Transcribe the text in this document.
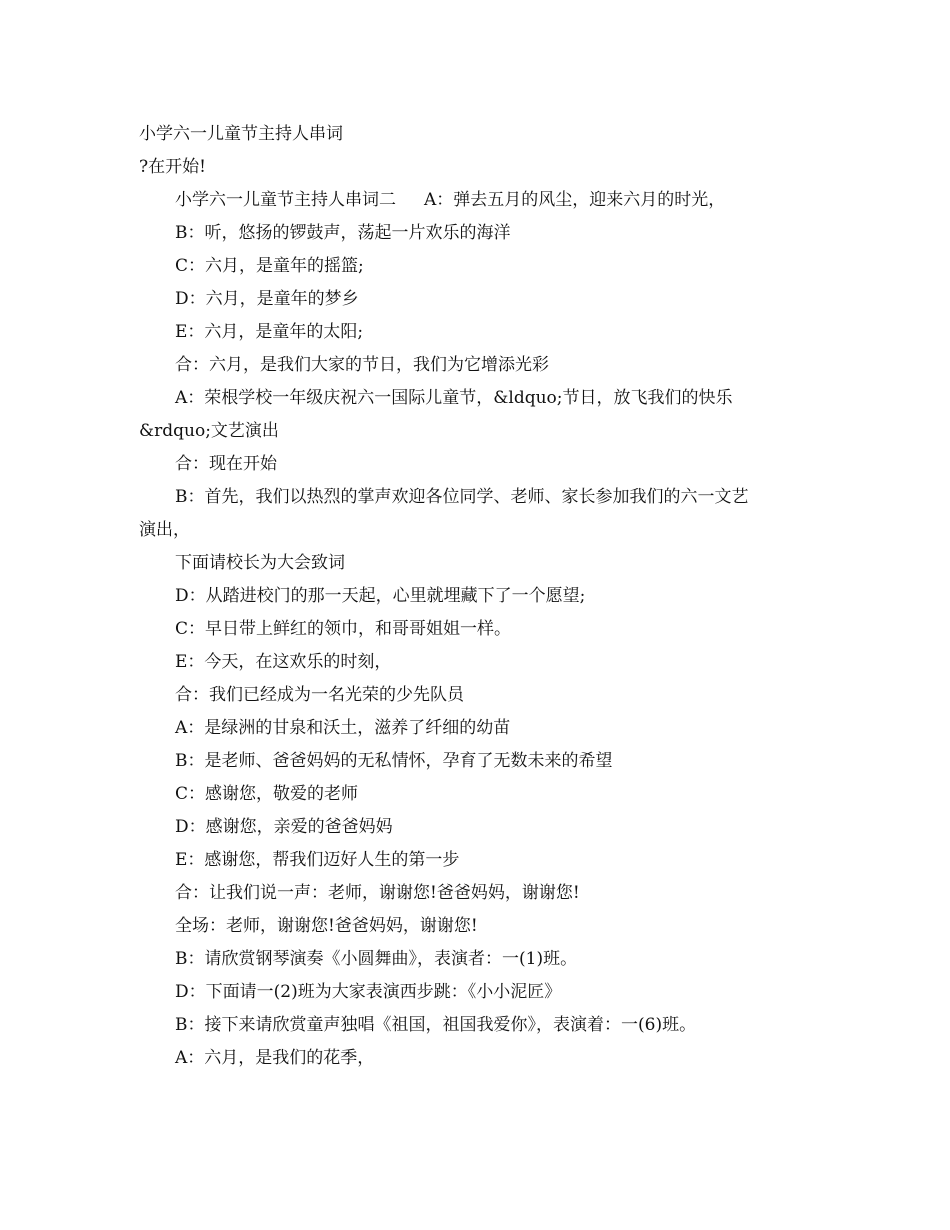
小学六一儿童节主持人串词
?在开始!
小学六一儿童节主持人串词二 A：弹去五月的风尘，迎来六月的时光，
B：听，悠扬的锣鼓声，荡起一片欢乐的海洋
C：六月，是童年的摇篮;
D：六月，是童年的梦乡
E：六月，是童年的太阳;
合：六月，是我们大家的节日，我们为它增添光彩
A：荣根学校一年级庆祝六一国际儿童节，&ldquo;节日，放飞我们的快乐
&rdquo;文艺演出
合：现在开始
B：首先，我们以热烈的掌声欢迎各位同学、老师、家长参加我们的六一文艺
演出，
下面请校长为大会致词
D：从踏进校门的那一天起，心里就埋藏下了一个愿望;
C：早日带上鲜红的领巾，和哥哥姐姐一样。
E：今天，在这欢乐的时刻，
合：我们已经成为一名光荣的少先队员
A：是绿洲的甘泉和沃土，滋养了纤细的幼苗
B：是老师、爸爸妈妈的无私情怀，孕育了无数未来的希望
C：感谢您，敬爱的老师
D：感谢您，亲爱的爸爸妈妈
E：感谢您，帮我们迈好人生的第一步
合：让我们说一声：老师，谢谢您!爸爸妈妈，谢谢您!
全场：老师，谢谢您!爸爸妈妈，谢谢您!
B：请欣赏钢琴演奏《小圆舞曲》，表演者：一(1)班。
D：下面请一(2)班为大家表演西步跳：《小小泥匠》
B：接下来请欣赏童声独唱《祖国，祖国我爱你》，表演着：一(6)班。
A：六月，是我们的花季，
